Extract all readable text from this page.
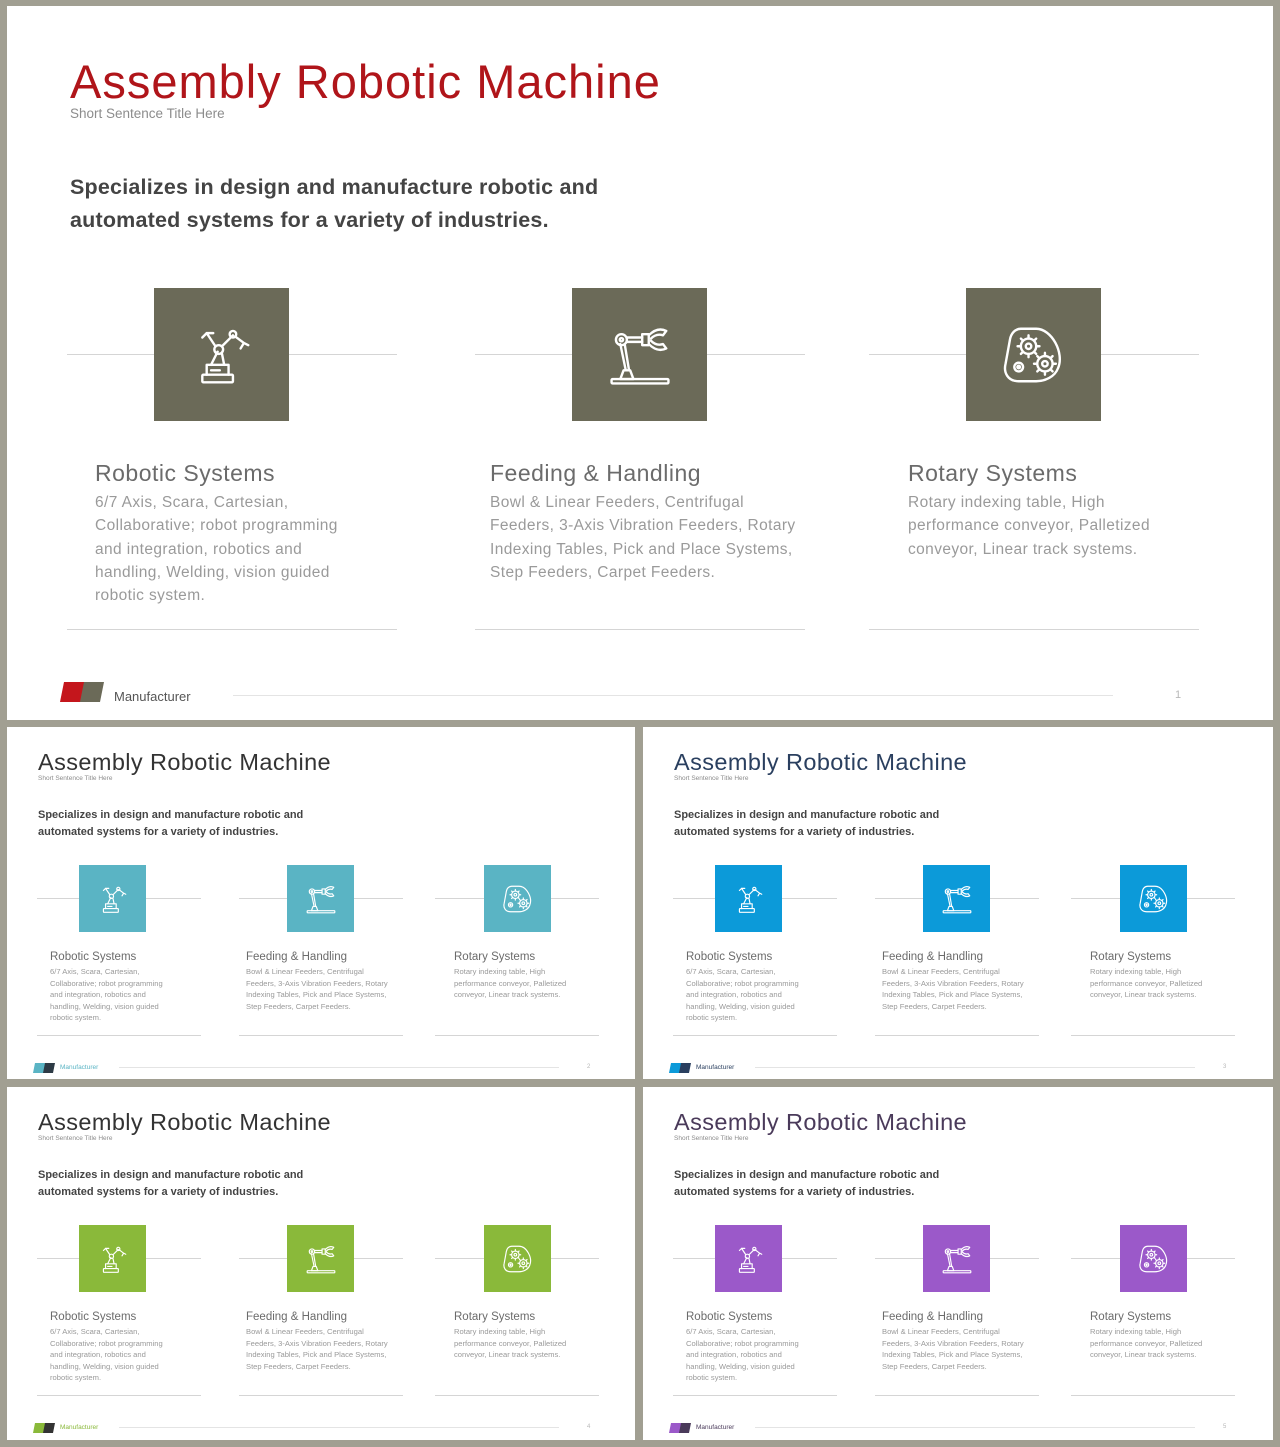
Assembly Robotic Machine
Short Sentence Title Here
Specializes in design and manufacture robotic and
automated systems for a variety of industries.
Robotic Systems
6/7 Axis, Scara, Cartesian,
Collaborative; robot programming
and integration, robotics and
handling, Welding, vision guided
robotic system.
Feeding & Handling
Bowl & Linear Feeders, Centrifugal
Feeders, 3-Axis Vibration Feeders, Rotary
Indexing Tables, Pick and Place Systems,
Step Feeders, Carpet Feeders.
Rotary Systems
Rotary indexing table, High
performance conveyor, Palletized
conveyor, Linear track systems.
Manufacturer	1
Assembly Robotic Machine
Short Sentence Title Here
Specializes in design and manufacture robotic and
automated systems for a variety of industries.
Robotic Systems
6/7 Axis, Scara, Cartesian,
Collaborative; robot programming
and integration, robotics and
handling, Welding, vision guided
robotic system.
Feeding & Handling
Bowl & Linear Feeders, Centrifugal
Feeders, 3-Axis Vibration Feeders, Rotary
Indexing Tables, Pick and Place Systems,
Step Feeders, Carpet Feeders.
Rotary Systems
Rotary indexing table, High
performance conveyor, Palletized
conveyor, Linear track systems.
Manufacturer	2
Assembly Robotic Machine
Short Sentence Title Here
Specializes in design and manufacture robotic and
automated systems for a variety of industries.
Robotic Systems
6/7 Axis, Scara, Cartesian,
Collaborative; robot programming
and integration, robotics and
handling, Welding, vision guided
robotic system.
Feeding & Handling
Bowl & Linear Feeders, Centrifugal
Feeders, 3-Axis Vibration Feeders, Rotary
Indexing Tables, Pick and Place Systems,
Step Feeders, Carpet Feeders.
Rotary Systems
Rotary indexing table, High
performance conveyor, Palletized
conveyor, Linear track systems.
Manufacturer	3
Assembly Robotic Machine
Short Sentence Title Here
Specializes in design and manufacture robotic and
automated systems for a variety of industries.
Robotic Systems
6/7 Axis, Scara, Cartesian,
Collaborative; robot programming
and integration, robotics and
handling, Welding, vision guided
robotic system.
Feeding & Handling
Bowl & Linear Feeders, Centrifugal
Feeders, 3-Axis Vibration Feeders, Rotary
Indexing Tables, Pick and Place Systems,
Step Feeders, Carpet Feeders.
Rotary Systems
Rotary indexing table, High
performance conveyor, Palletized
conveyor, Linear track systems.
Manufacturer	4
Assembly Robotic Machine
Short Sentence Title Here
Specializes in design and manufacture robotic and
automated systems for a variety of industries.
Robotic Systems
6/7 Axis, Scara, Cartesian,
Collaborative; robot programming
and integration, robotics and
handling, Welding, vision guided
robotic system.
Feeding & Handling
Bowl & Linear Feeders, Centrifugal
Feeders, 3-Axis Vibration Feeders, Rotary
Indexing Tables, Pick and Place Systems,
Step Feeders, Carpet Feeders.
Rotary Systems
Rotary indexing table, High
performance conveyor, Palletized
conveyor, Linear track systems.
Manufacturer	5
